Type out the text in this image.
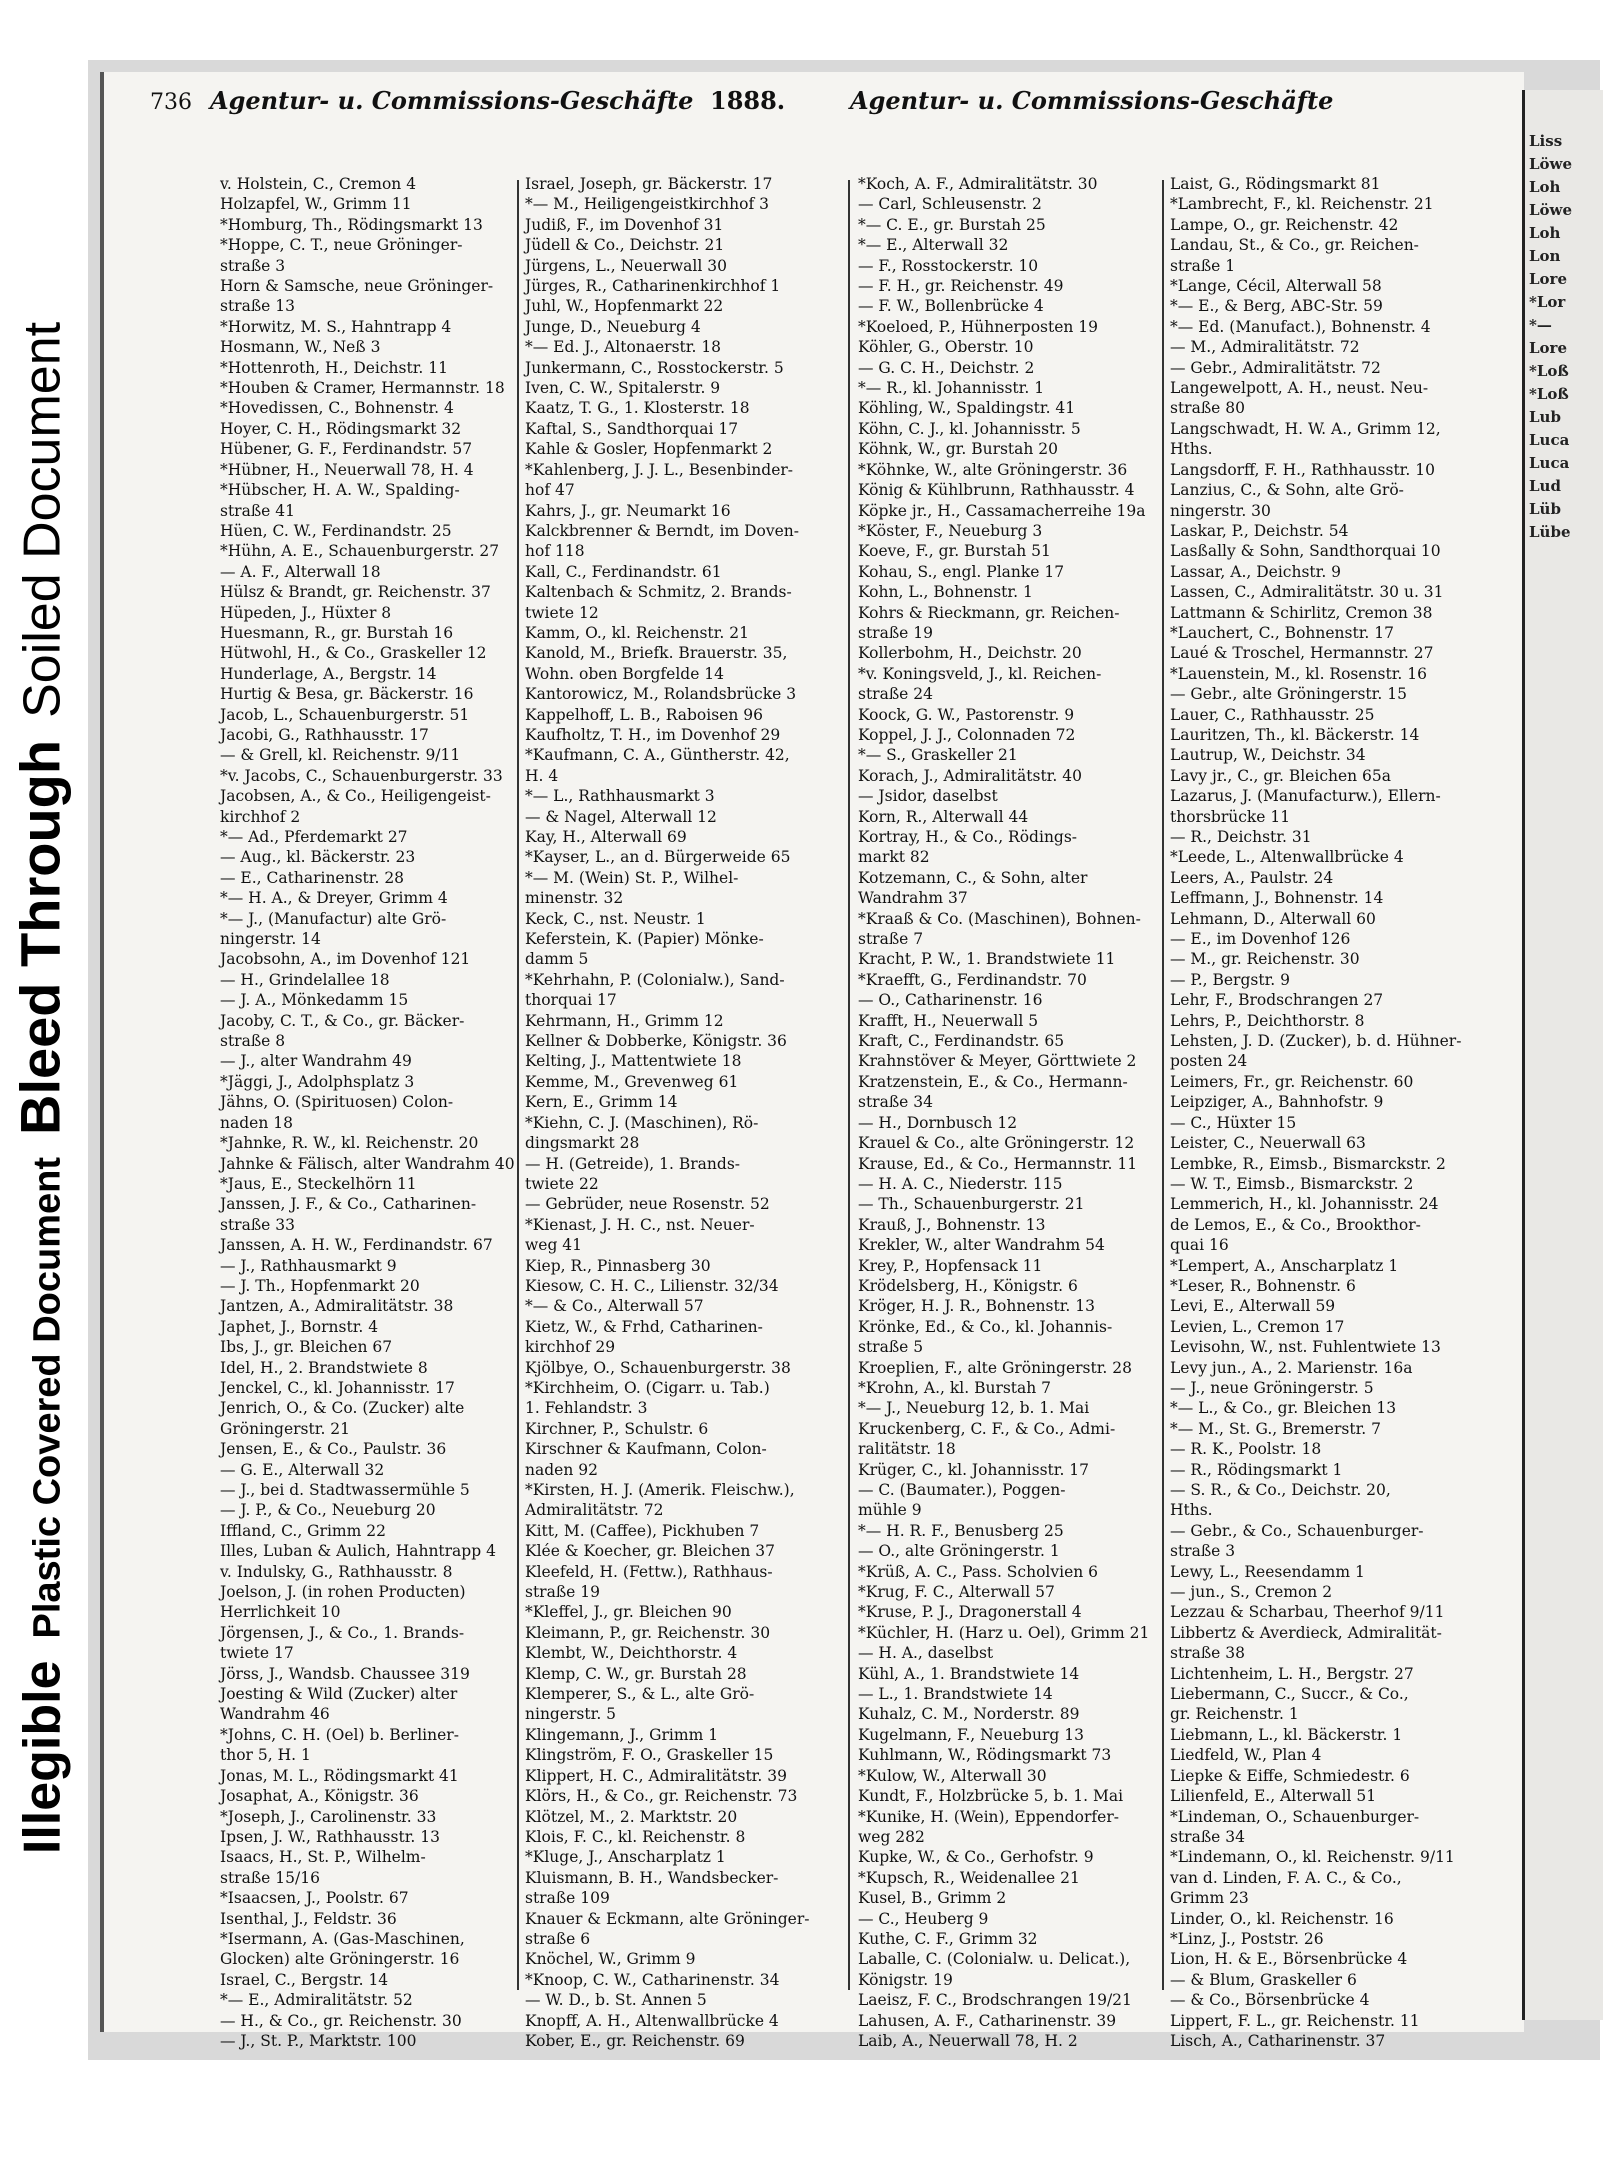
Illegible
Plastic Covered Document
Bleed Through
Soiled Document
Liss
Löwe
Loh
Löwe
Loh
Lon
Lore
*Lor
*—
Lore
*Loß
*Loß
Lub
Luca
Luca
Lud
Lüb
Lübe
736 Agentur- u. Commissions-Geschäfte 1888.	Agentur- u. Commissions-Geschäfte

v. Holstein, C., Cremon 4

Holzapfel, W., Grimm 11

*Homburg, Th., Rödingsmarkt 13

*Hoppe, C. T., neue Gröninger-

straße 3

Horn & Samsche, neue Gröninger-

straße 13

*Horwitz, M. S., Hahntrapp 4

Hosmann, W., Neß 3

*Hottenroth, H., Deichstr. 11

*Houben & Cramer, Hermannstr. 18

*Hovedissen, C., Bohnenstr. 4

Hoyer, C. H., Rödingsmarkt 32

Hübener, G. F., Ferdinandstr. 57

*Hübner, H., Neuerwall 78, H. 4

*Hübscher, H. A. W., Spalding-

straße 41

Hüen, C. W., Ferdinandstr. 25

*Hühn, A. E., Schauenburgerstr. 27

— A. F., Alterwall 18

Hülsz & Brandt, gr. Reichenstr. 37

Hüpeden, J., Hüxter 8

Huesmann, R., gr. Burstah 16

Hütwohl, H., & Co., Graskeller 12

Hunderlage, A., Bergstr. 14

Hurtig & Besa, gr. Bäckerstr. 16

Jacob, L., Schauenburgerstr. 51

Jacobi, G., Rathhausstr. 17

— & Grell, kl. Reichenstr. 9/11

*v. Jacobs, C., Schauenburgerstr. 33

Jacobsen, A., & Co., Heiligengeist-

kirchhof 2

*— Ad., Pferdemarkt 27

— Aug., kl. Bäckerstr. 23

— E., Catharinenstr. 28

*— H. A., & Dreyer, Grimm 4

*— J., (Manufactur) alte Grö-

ningerstr. 14

Jacobsohn, A., im Dovenhof 121

— H., Grindelallee 18

— J. A., Mönkedamm 15

Jacoby, C. T., & Co., gr. Bäcker-

straße 8

— J., alter Wandrahm 49

*Jäggi, J., Adolphsplatz 3

Jähns, O. (Spirituosen) Colon-

naden 18

*Jahnke, R. W., kl. Reichenstr. 20

Jahnke & Fälisch, alter Wandrahm 40

*Jaus, E., Steckelhörn 11

Janssen, J. F., & Co., Catharinen-

straße 33

Janssen, A. H. W., Ferdinandstr. 67

— J., Rathhausmarkt 9

— J. Th., Hopfenmarkt 20

Jantzen, A., Admiralitätstr. 38

Japhet, J., Bornstr. 4

Ibs, J., gr. Bleichen 67

Idel, H., 2. Brandstwiete 8

Jenckel, C., kl. Johannisstr. 17

Jenrich, O., & Co. (Zucker) alte

Gröningerstr. 21

Jensen, E., & Co., Paulstr. 36

— G. E., Alterwall 32

— J., bei d. Stadtwassermühle 5

— J. P., & Co., Neueburg 20

Iffland, C., Grimm 22

Illes, Luban & Aulich, Hahntrapp 4

v. Indulsky, G., Rathhausstr. 8

Joelson, J. (in rohen Producten)

Herrlichkeit 10

Jörgensen, J., & Co., 1. Brands-

twiete 17

Jörss, J., Wandsb. Chaussee 319

Joesting & Wild (Zucker) alter

Wandrahm 46

*Johns, C. H. (Oel) b. Berliner-

thor 5, H. 1

Jonas, M. L., Rödingsmarkt 41

Josaphat, A., Königstr. 36

*Joseph, J., Carolinenstr. 33

Ipsen, J. W., Rathhausstr. 13

Isaacs, H., St. P., Wilhelm-

straße 15/16

*Isaacsen, J., Poolstr. 67

Isenthal, J., Feldstr. 36

*Isermann, A. (Gas-Maschinen,

Glocken) alte Gröningerstr. 16

Israel, C., Bergstr. 14

*— E., Admiralitätstr. 52

— H., & Co., gr. Reichenstr. 30

— J., St. P., Marktstr. 100

Israel, Joseph, gr. Bäckerstr. 17

*— M., Heiligengeistkirchhof 3

Judiß, F., im Dovenhof 31

Jüdell & Co., Deichstr. 21

Jürgens, L., Neuerwall 30

Jürges, R., Catharinenkirchhof 1

Juhl, W., Hopfenmarkt 22

Junge, D., Neueburg 4

*— Ed. J., Altonaerstr. 18

Junkermann, C., Rosstockerstr. 5

Iven, C. W., Spitalerstr. 9

Kaatz, T. G., 1. Klosterstr. 18

Kaftal, S., Sandthorquai 17

Kahle & Gosler, Hopfenmarkt 2

*Kahlenberg, J. J. L., Besenbinder-

hof 47

Kahrs, J., gr. Neumarkt 16

Kalckbrenner & Berndt, im Doven-

hof 118

Kall, C., Ferdinandstr. 61

Kaltenbach & Schmitz, 2. Brands-

twiete 12

Kamm, O., kl. Reichenstr. 21

Kanold, M., Briefk. Brauerstr. 35,

Wohn. oben Borgfelde 14

Kantorowicz, M., Rolandsbrücke 3

Kappelhoff, L. B., Raboisen 96

Kaufholtz, T. H., im Dovenhof 29

*Kaufmann, C. A., Güntherstr. 42,

H. 4

*— L., Rathhausmarkt 3

— & Nagel, Alterwall 12

Kay, H., Alterwall 69

*Kayser, L., an d. Bürgerweide 65

*— M. (Wein) St. P., Wilhel-

minenstr. 32

Keck, C., nst. Neustr. 1

Keferstein, K. (Papier) Mönke-

damm 5

*Kehrhahn, P. (Colonialw.), Sand-

thorquai 17

Kehrmann, H., Grimm 12

Kellner & Dobberke, Königstr. 36

Kelting, J., Mattentwiete 18

Kemme, M., Grevenweg 61

Kern, E., Grimm 14

*Kiehn, C. J. (Maschinen), Rö-

dingsmarkt 28

— H. (Getreide), 1. Brands-

twiete 22

— Gebrüder, neue Rosenstr. 52

*Kienast, J. H. C., nst. Neuer-

weg 41

Kiep, R., Pinnasberg 30

Kiesow, C. H. C., Lilienstr. 32/34

*— & Co., Alterwall 57

Kietz, W., & Frhd, Catharinen-

kirchhof 29

Kjölbye, O., Schauenburgerstr. 38

*Kirchheim, O. (Cigarr. u. Tab.)

1. Fehlandstr. 3

Kirchner, P., Schulstr. 6

Kirschner & Kaufmann, Colon-

naden 92

*Kirsten, H. J. (Amerik. Fleischw.),

Admiralitätstr. 72

Kitt, M. (Caffee), Pickhuben 7

Klée & Koecher, gr. Bleichen 37

Kleefeld, H. (Fettw.), Rathhaus-

straße 19

*Kleffel, J., gr. Bleichen 90

Kleimann, P., gr. Reichenstr. 30

Klembt, W., Deichthorstr. 4

Klemp, C. W., gr. Burstah 28

Klemperer, S., & L., alte Grö-

ningerstr. 5

Klingemann, J., Grimm 1

Klingström, F. O., Graskeller 15

Klippert, H. C., Admiralitätstr. 39

Klörs, H., & Co., gr. Reichenstr. 73

Klötzel, M., 2. Marktstr. 20

Klois, F. C., kl. Reichenstr. 8

*Kluge, J., Anscharplatz 1

Kluismann, B. H., Wandsbecker-

straße 109

Knauer & Eckmann, alte Gröninger-

straße 6

Knöchel, W., Grimm 9

*Knoop, C. W., Catharinenstr. 34

— W. D., b. St. Annen 5

Knopff, A. H., Altenwallbrücke 4

Kober, E., gr. Reichenstr. 69

*Koch, A. F., Admiralitätstr. 30

— Carl, Schleusenstr. 2

*— C. E., gr. Burstah 25

*— E., Alterwall 32

— F., Rosstockerstr. 10

— F. H., gr. Reichenstr. 49

— F. W., Bollenbrücke 4

*Koeloed, P., Hühnerposten 19

Köhler, G., Oberstr. 10

— G. C. H., Deichstr. 2

*— R., kl. Johannisstr. 1

Köhling, W., Spaldingstr. 41

Köhn, C. J., kl. Johannisstr. 5

Köhnk, W., gr. Burstah 20

*Köhnke, W., alte Gröningerstr. 36

König & Kühlbrunn, Rathhausstr. 4

Köpke jr., H., Cassamacherreihe 19a

*Köster, F., Neueburg 3

Koeve, F., gr. Burstah 51

Kohau, S., engl. Planke 17

Kohn, L., Bohnenstr. 1

Kohrs & Rieckmann, gr. Reichen-

straße 19

Kollerbohm, H., Deichstr. 20

*v. Koningsveld, J., kl. Reichen-

straße 24

Koock, G. W., Pastorenstr. 9

Koppel, J. J., Colonnaden 72

*— S., Graskeller 21

Korach, J., Admiralitätstr. 40

— Jsidor, daselbst

Korn, R., Alterwall 44

Kortray, H., & Co., Rödings-

markt 82

Kotzemann, C., & Sohn, alter

Wandrahm 37

*Kraaß & Co. (Maschinen), Bohnen-

straße 7

Kracht, P. W., 1. Brandstwiete 11

*Kraefft, G., Ferdinandstr. 70

— O., Catharinenstr. 16

Krafft, H., Neuerwall 5

Kraft, C., Ferdinandstr. 65

Krahnstöver & Meyer, Görttwiete 2

Kratzenstein, E., & Co., Hermann-

straße 34

— H., Dornbusch 12

Krauel & Co., alte Gröningerstr. 12

Krause, Ed., & Co., Hermannstr. 11

— H. A. C., Niederstr. 115

— Th., Schauenburgerstr. 21

Krauß, J., Bohnenstr. 13

Krekler, W., alter Wandrahm 54

Krey, P., Hopfensack 11

Krödelsberg, H., Königstr. 6

Kröger, H. J. R., Bohnenstr. 13

Krönke, Ed., & Co., kl. Johannis-

straße 5

Kroeplien, F., alte Gröningerstr. 28

*Krohn, A., kl. Burstah 7

*— J., Neueburg 12, b. 1. Mai

Kruckenberg, C. F., & Co., Admi-

ralitätstr. 18

Krüger, C., kl. Johannisstr. 17

— C. (Baumater.), Poggen-

mühle 9

*— H. R. F., Benusberg 25

— O., alte Gröningerstr. 1

*Krüß, A. C., Pass. Scholvien 6

*Krug, F. C., Alterwall 57

*Kruse, P. J., Dragonerstall 4

*Küchler, H. (Harz u. Oel), Grimm 21

— H. A., daselbst

Kühl, A., 1. Brandstwiete 14

— L., 1. Brandstwiete 14

Kuhalz, C. M., Norderstr. 89

Kugelmann, F., Neueburg 13

Kuhlmann, W., Rödingsmarkt 73

*Kulow, W., Alterwall 30

Kundt, F., Holzbrücke 5, b. 1. Mai

*Kunike, H. (Wein), Eppendorfer-

weg 282

Kupke, W., & Co., Gerhofstr. 9

*Kupsch, R., Weidenallee 21

Kusel, B., Grimm 2

— C., Heuberg 9

Kuthe, C. F., Grimm 32

Laballe, C. (Colonialw. u. Delicat.),

Königstr. 19

Laeisz, F. C., Brodschrangen 19/21

Lahusen, A. F., Catharinenstr. 39

Laib, A., Neuerwall 78, H. 2

Laist, G., Rödingsmarkt 81

*Lambrecht, F., kl. Reichenstr. 21

Lampe, O., gr. Reichenstr. 42

Landau, St., & Co., gr. Reichen-

straße 1

*Lange, Cécil, Alterwall 58

*— E., & Berg, ABC-Str. 59

*— Ed. (Manufact.), Bohnenstr. 4

— M., Admiralitätstr. 72

— Gebr., Admiralitätstr. 72

Langewelpott, A. H., neust. Neu-

straße 80

Langschwadt, H. W. A., Grimm 12,

Hths.

Langsdorff, F. H., Rathhausstr. 10

Lanzius, C., & Sohn, alte Grö-

ningerstr. 30

Laskar, P., Deichstr. 54

Lasßally & Sohn, Sandthorquai 10

Lassar, A., Deichstr. 9

Lassen, C., Admiralitätstr. 30 u. 31

Lattmann & Schirlitz, Cremon 38

*Lauchert, C., Bohnenstr. 17

Laué & Troschel, Hermannstr. 27

*Lauenstein, M., kl. Rosenstr. 16

— Gebr., alte Gröningerstr. 15

Lauer, C., Rathhausstr. 25

Lauritzen, Th., kl. Bäckerstr. 14

Lautrup, W., Deichstr. 34

Lavy jr., C., gr. Bleichen 65a

Lazarus, J. (Manufacturw.), Ellern-

thorsbrücke 11

— R., Deichstr. 31

*Leede, L., Altenwallbrücke 4

Leers, A., Paulstr. 24

Leffmann, J., Bohnenstr. 14

Lehmann, D., Alterwall 60

— E., im Dovenhof 126

— M., gr. Reichenstr. 30

— P., Bergstr. 9

Lehr, F., Brodschrangen 27

Lehrs, P., Deichthorstr. 8

Lehsten, J. D. (Zucker), b. d. Hühner-

posten 24

Leimers, Fr., gr. Reichenstr. 60

Leipziger, A., Bahnhofstr. 9

— C., Hüxter 15

Leister, C., Neuerwall 63

Lembke, R., Eimsb., Bismarckstr. 2

— W. T., Eimsb., Bismarckstr. 2

Lemmerich, H., kl. Johannisstr. 24

de Lemos, E., & Co., Brookthor-

quai 16

*Lempert, A., Anscharplatz 1

*Leser, R., Bohnenstr. 6

Levi, E., Alterwall 59

Levien, L., Cremon 17

Levisohn, W., nst. Fuhlentwiete 13

Levy jun., A., 2. Marienstr. 16a

— J., neue Gröningerstr. 5

*— L., & Co., gr. Bleichen 13

*— M., St. G., Bremerstr. 7

— R. K., Poolstr. 18

— R., Rödingsmarkt 1

— S. R., & Co., Deichstr. 20,

Hths.

— Gebr., & Co., Schauenburger-

straße 3

Lewy, L., Reesendamm 1

— jun., S., Cremon 2

Lezzau & Scharbau, Theerhof 9/11

Libbertz & Averdieck, Admiralität-

straße 38

Lichtenheim, L. H., Bergstr. 27

Liebermann, C., Succr., & Co.,

gr. Reichenstr. 1

Liebmann, L., kl. Bäckerstr. 1

Liedfeld, W., Plan 4

Liepke & Eiffe, Schmiedestr. 6

Lilienfeld, E., Alterwall 51

*Lindeman, O., Schauenburger-

straße 34

*Lindemann, O., kl. Reichenstr. 9/11

van d. Linden, F. A. C., & Co.,

Grimm 23

Linder, O., kl. Reichenstr. 16

*Linz, J., Poststr. 26

Lion, H. & E., Börsenbrücke 4

— & Blum, Graskeller 6

— & Co., Börsenbrücke 4

Lippert, F. L., gr. Reichenstr. 11

Lisch, A., Catharinenstr. 37
